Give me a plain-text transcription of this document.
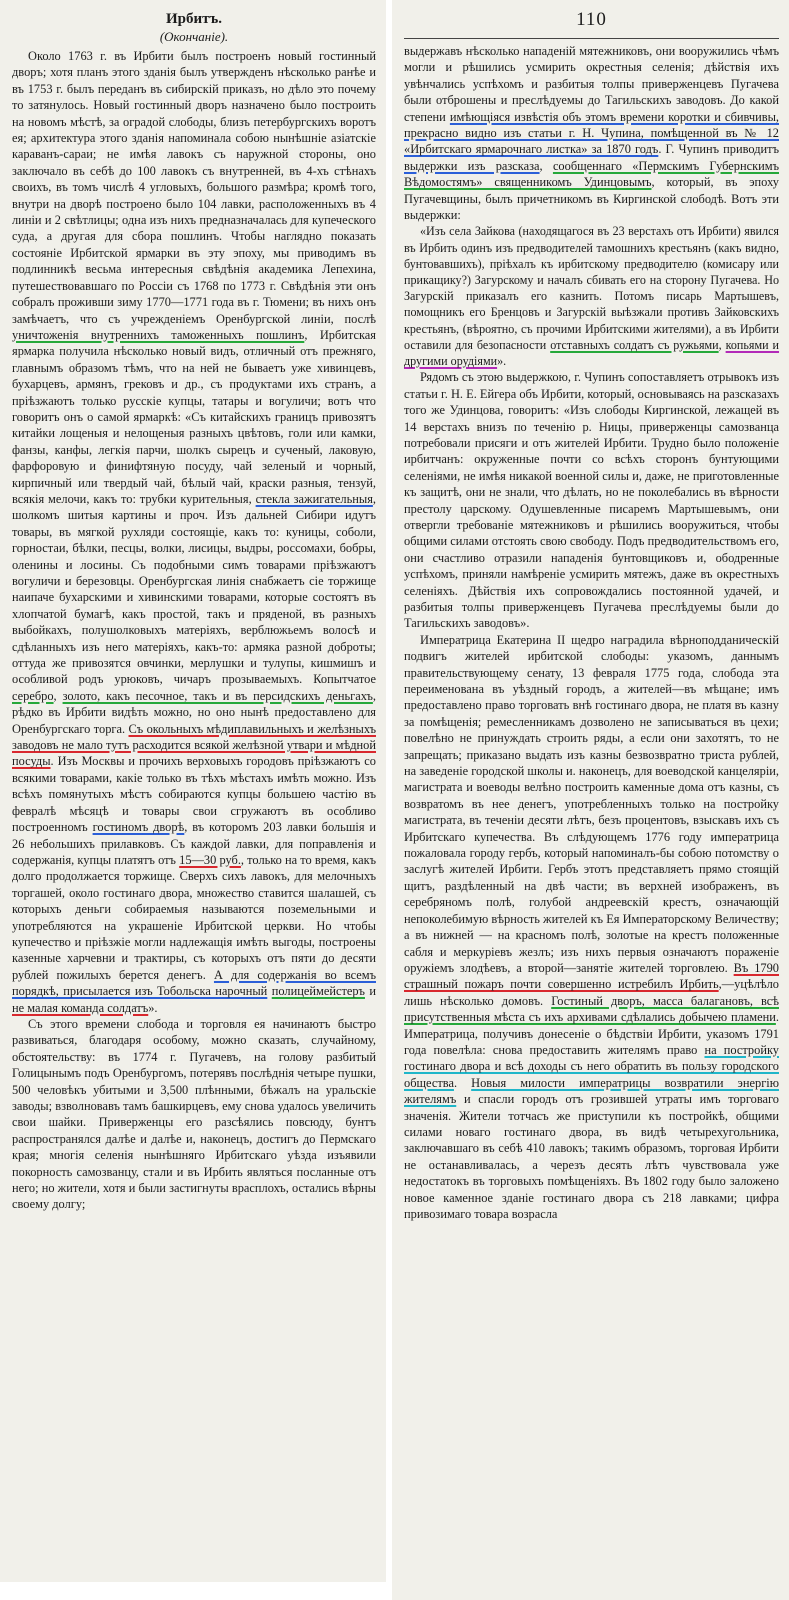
Ирбитъ.
(Окончаніе).

Около 1763 г. въ Ирбити былъ построенъ новый гостинный дворъ; хотя планъ этого зданія былъ утвержденъ нѣсколько ранѣе и въ 1753 г. былъ переданъ въ сибирскій приказъ, но дѣло это почему то затянулось. Новый гостинный дворъ назначено было построить на новомъ мѣстѣ, за оградой слободы, близъ петербургскихъ воротъ ея; архитектура этого зданія напоминала собою нынѣшніе азіатскіе караванъ-сараи; не имѣя лавокъ съ наружной стороны, оно заключало въ себѣ до 100 лавокъ съ внутренней, въ 4-хъ стѣнахъ своихъ, въ томъ числѣ 4 угловыхъ, большого размѣра; кромѣ того, внутри на дворѣ построено было 104 лавки, расположенныхъ въ 4 линіи и 2 свѣтлицы; одна изъ нихъ предназначалась для купеческого суда, а другая для сбора пошлинъ. Чтобы наглядно показать состояніе Ирбитской ярмарки въ эту эпоху, мы приводимъ въ подлинникѣ весьма интересныя свѣдѣнія академика Лепехина, путешествовавшаго по Россіи съ 1768 по 1773 г. Свѣдѣнія эти онъ собралъ проживши зиму 1770—1771 года въ г. Тюмени; въ нихъ онъ замѣчаетъ, что съ учрежденіемъ Оренбургской линіи, послѣ уничтоженія внутреннихъ таможенныхъ пошлинъ, Ирбитская ярмарка получила нѣсколько новый видъ, отличный отъ прежняго, главнымъ образомъ тѣмъ, что на ней не бываетъ уже хивинцевъ, бухарцевъ, армянъ, грековъ и др., съ продуктами ихъ странъ, а пріѣзжаютъ только русскіе купцы, татары и вогуличи; вотъ что говоритъ онъ о самой ярмаркѣ: «Съ китайскихъ границъ привозятъ китайки лощеныя и нелощеныя разныхъ цвѣтовъ, голи или камки, фанзы, канфы, легкія парчи, шолкъ сырецъ и сученый, лаковую, фарфоровую и финифтяную посуду, чай зеленый и чорный, кирпичный или твердый чай, бѣлый чай, краски разныя, тензуй, всякія мелочи, какъ то: трубки курительныя, стекла зажигательныя, шолкомъ шитыя картины и проч. Изъ дальней Сибири идутъ товары, въ мягкой рухляди состоящіе, какъ то: куницы, соболи, горностаи, бѣлки, песцы, волки, лисицы, выдры, россомахи, бобры, оленины и лосины. Съ подобными симъ товарами пріѣзжаютъ вогуличи и березовцы. Оренбургская линія снабжаетъ сіе торжище наипаче бухарскими и хивинскими товарами, которые состоятъ въ хлопчатой бумагѣ, какъ простой, такъ и пряденой, въ разныхъ выбойкахъ, полушолковыхъ матеріяхъ, верблюжьемъ волосѣ и сдѣланныхъ изъ него матеріяхъ, какъ-то: армяка разной доброты; оттуда же привозятся овчинки, мерлушки и тулупы, кишмишъ и особливой родъ урюковъ, чичаръ прозываемыхъ. Копытчатое серебро, золото, какъ песочное, такъ и въ персидскихъ деньгахъ, рѣдко въ Ирбити видѣть можно, но оно нынѣ предоставлено для Оренбургскаго торга. Съ окольныхъ мѣдиплавильныхъ и желѣзныхъ заводовъ не мало тутъ расходится всякой желѣзной утвари и мѣдной посуды. Изъ Москвы и прочихъ верховыхъ городовъ пріѣзжаютъ со всякими товарами, какіе только въ тѣхъ мѣстахъ имѣть можно. Изъ всѣхъ помянутыхъ мѣстъ собираются купцы большею частію въ февралѣ мѣсяцѣ и товары свои сгружаютъ въ особливо построенномъ гостиномъ дворѣ, въ которомъ 203 лавки большія и 26 небольшихъ прилавковъ. Съ каждой лавки, для поправленія и содержанія, купцы платятъ отъ 15—30 руб., только на то время, какъ долго продолжается торжище. Сверхъ сихъ лавокъ, для мелочныхъ торгашей, около гостинаго двора, множество ставится шалашей, съ которыхъ деньги собираемыя называются поземельными и употребляются на украшеніе Ирбитской церкви. Но чтобы купечество и пріѣзжіе могли надлежащія имѣть выгоды, построены казенные харчевни и трактиры, съ которыхъ отъ пяти до десяти рублей пожилыхъ берется денегъ. А для содержанія во всемъ порядкѣ, присылается изъ Тобольска нарочный полицеймейстеръ и не малая команда солдатъ».

Съ этого времени слобода и торговля ея начинаютъ быстро развиваться, благодаря особому, можно сказать, случайному, обстоятельству: въ 1774 г. Пугачевъ, на голову разбитый Голицынымъ подъ Оренбургомъ, потерявъ послѣднія четыре пушки, 500 человѣкъ убитыми и 3,500 плѣнными, бѣжалъ на уральскіе заводы; взволновавъ тамъ башкирцевъ, ему снова удалось увеличить свои шайки. Приверженцы его разсѣялись повсюду, бунтъ распространялся далѣе и далѣе и, наконецъ, достигъ до Пермскаго края; многія селенія нынѣшняго Ирбитскаго уѣзда изъявили покорность самозванцу, стали и въ Ирбить являться посланные отъ него; но жители, хотя и были застигнуты врасплохъ, остались вѣрны своему долгу;

110

выдержавъ нѣсколько нападеній мятежниковъ, они вооружились чѣмъ могли и рѣшились усмирить окрестныя селенія; дѣйствія ихъ увѣнчались успѣхомъ и разбитыя толпы приверженцевъ Пугачева были отброшены и преслѣдуемы до Тагильскихъ заводовъ. До какой степени имѣющіяся извѣстія объ этомъ времени коротки и сбивчивы, прекрасно видно изъ статьи г. Н. Чупина, помѣщенной въ № 12 «Ирбитскаго ярмарочнаго листка» за 1870 годъ. Г. Чупинъ приводитъ выдержки изъ разсказа, сообщеннаго «Пермскимъ Губернскимъ Вѣдомостямъ» священникомъ Удинцовымъ, который, въ эпоху Пугачевщины, былъ причетникомъ въ Киргинской слободѣ. Вотъ эти выдержки:

«Изъ села Зайкова (находящагося въ 23 верстахъ отъ Ирбити) явился въ Ирбить одинъ изъ предводителей тамошнихъ крестьянъ (какъ видно, бунтовавшихъ), пріѣхалъ къ ирбитскому предводителю (комисару или прикащику?) Загурскому и началъ сбивать его на сторону Пугачева. Но Загурскій приказалъ его казнить. Потомъ писарь Мартышевъ, помощникъ его Бренцовъ и Загурскій выѣзжали противъ Зайковскихъ крестьянъ, (вѣроятно, съ прочими Ирбитскими жителями), а въ Ирбити оставили для безопасности отставныхъ солдатъ съ ружьями, копьями и другими орудіями».

Рядомъ съ этою выдержкою, г. Чупинъ сопоставляетъ отрывокъ изъ статьи г. Н. Е. Ейгера объ Ирбити, который, основываясь на разсказахъ того же Удинцова, говоритъ: «Изъ слободы Киргинской, лежащей въ 14 верстахъ внизъ по теченію р. Ницы, приверженцы самозванца потребовали присяги и отъ жителей Ирбити. Трудно было положеніе ирбитчанъ: окруженные почти со всѣхъ сторонъ бунтующими селеніями, не имѣя никакой военной силы и, даже, не приготовленные къ защитѣ, они не знали, что дѣлать, но не поколебались въ вѣрности престолу царскому. Одушевленные писаремъ Мартышевымъ, они отвергли требованіе мятежниковъ и рѣшились вооружиться, чтобы общими силами отстоять свою свободу. Подъ предводительствомъ его, они счастливо отразили нападенія бунтовщиковъ и, ободренные успѣхомъ, приняли намѣреніе усмирить мятежъ, даже въ окрестныхъ селеніяхъ. Дѣйствія ихъ сопровождались постоянной удачей, и разбитыя толпы приверженцевъ Пугачева преслѣдуемы были до Тагильскихъ заводовъ».

Императрица Екатерина II щедро наградила вѣрноподданическій подвигъ жителей ирбитской слободы: указомъ, даннымъ правительствующему сенату, 13 февраля 1775 года, слобода эта переименована въ уѣздный городъ, а жителей—въ мѣщане; имъ предоставлено право торговать внѣ гостинаго двора, не платя въ казну за помѣщенія; ремесленникамъ дозволено не записываться въ цехи; повелѣно не принуждать строить ряды, а если они захотятъ, то не запрещать; приказано выдать изъ казны безвозвратно триста рублей, на заведеніе городской школы и. наконецъ, для воеводской канцеляріи, магистрата и воеводы велѣно построить каменные дома отъ казны, съ возвратомъ въ нее денегъ, употребленныхъ только на постройку магистрата, въ теченіи десяти лѣтъ, безъ процентовъ, взыскавъ ихъ съ Ирбитскаго купечества. Въ слѣдующемъ 1776 году императрица пожаловала городу гербъ, который напоминалъ-бы собою потомству о заслугѣ жителей Ирбити. Гербъ этотъ представляетъ прямо стоящій щитъ, раздѣленный на двѣ части; въ верхней изображенъ, въ серебряномъ полѣ, голубой андреевскій крестъ, означающій непоколебимую вѣрность жителей къ Ея Императорскому Величеству; а въ нижней — на красномъ полѣ, золотые на крестъ положенные сабля и меркуріевъ жезлъ; изъ нихъ первыя означаютъ пораженіе оружіемъ злодѣевъ, а второй—занятіе жителей торговлею. Въ 1790 страшный пожаръ почти совершенно истребилъ Ирбить,—уцѣлѣло лишь нѣсколько домовъ. Гостиный дворъ, масса балагановъ, всѣ присутственныя мѣста съ ихъ архивами сдѣлались добычею пламени. Императрица, получивъ донесеніе о бѣдствіи Ирбити, указомъ 1791 года повелѣла: снова предоставить жителямъ право на постройку гостинаго двора и всѣ доходы съ него обратить въ пользу городского общества. Новыя милости императрицы возвратили энергію жителямъ и спасли городъ отъ грозившей утраты имъ торговаго значенія. Жители тотчасъ же приступили къ постройкѣ, общими силами новаго гостинаго двора, въ видѣ четырехугольника, заключавшаго въ себѣ 410 лавокъ; такимъ образомъ, торговая Ирбити не останавливалась, а черезъ десять лѣтъ чувствовала уже недостатокъ въ торговыхъ помѣщеніяхъ. Въ 1802 году было заложено новое каменное зданіе гостинаго двора съ 218 лавками; цифра привозимаго товара возрасла
